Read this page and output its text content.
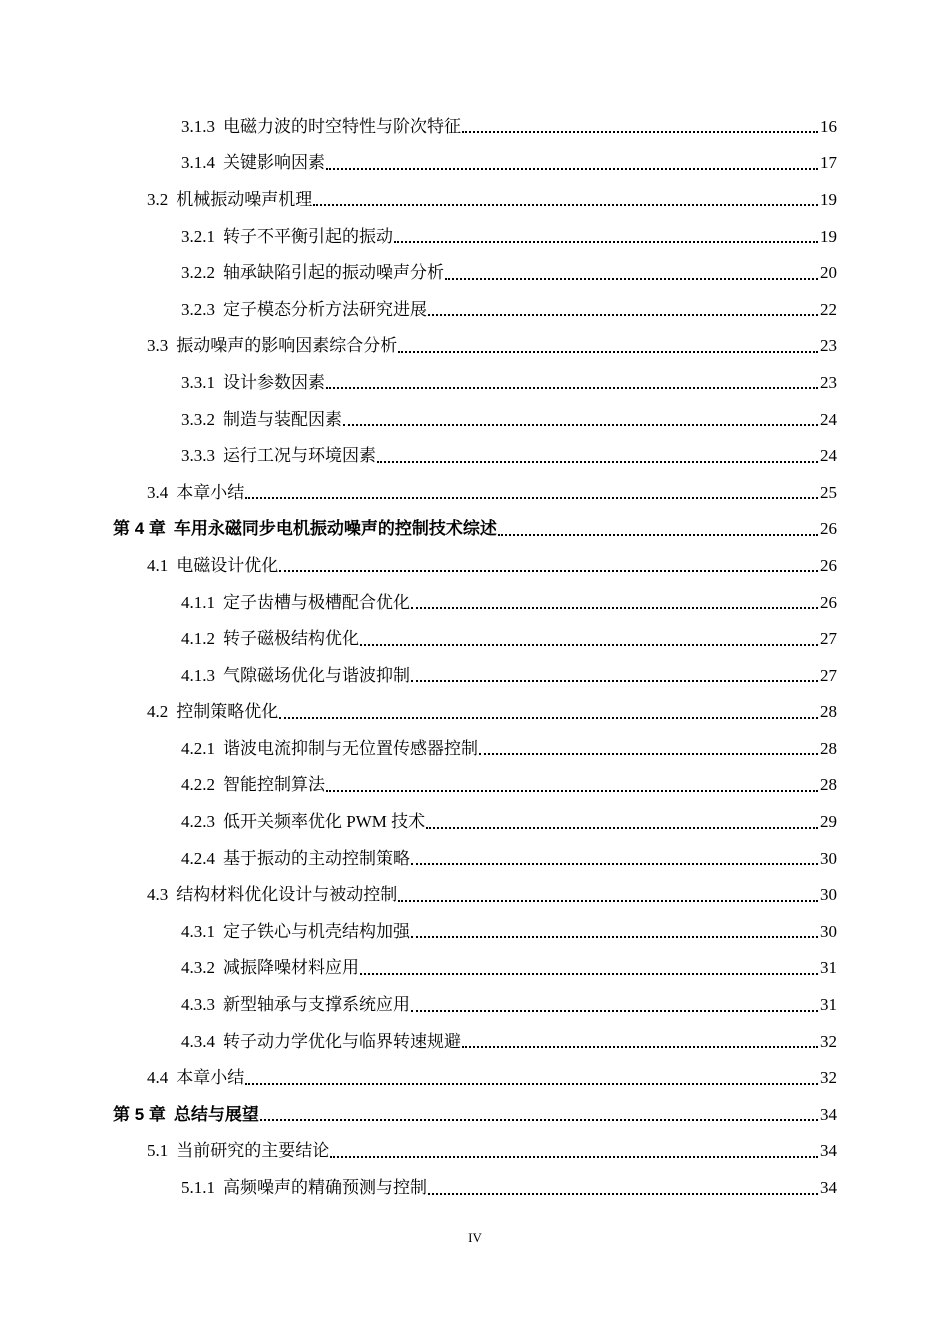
3.1.3 电磁力波的时空特性与阶次特征	16
3.1.4 关键影响因素	17
3.2 机械振动噪声机理	19
3.2.1 转子不平衡引起的振动	19
3.2.2 轴承缺陷引起的振动噪声分析	20
3.2.3 定子模态分析方法研究进展	22
3.3 振动噪声的影响因素综合分析	23
3.3.1 设计参数因素	23
3.3.2 制造与装配因素	24
3.3.3 运行工况与环境因素	24
3.4 本章小结	25
第 4 章 车用永磁同步电机振动噪声的控制技术综述	26
4.1 电磁设计优化	26
4.1.1 定子齿槽与极槽配合优化	26
4.1.2 转子磁极结构优化	27
4.1.3 气隙磁场优化与谐波抑制	27
4.2 控制策略优化	28
4.2.1 谐波电流抑制与无位置传感器控制	28
4.2.2 智能控制算法	28
4.2.3 低开关频率优化 PWM 技术	29
4.2.4 基于振动的主动控制策略	30
4.3 结构材料优化设计与被动控制	30
4.3.1 定子铁心与机壳结构加强	30
4.3.2 减振降噪材料应用	31
4.3.3 新型轴承与支撑系统应用	31
4.3.4 转子动力学优化与临界转速规避	32
4.4 本章小结	32
第 5 章 总结与展望	34
5.1 当前研究的主要结论	34
5.1.1 高频噪声的精确预测与控制	34
IV
